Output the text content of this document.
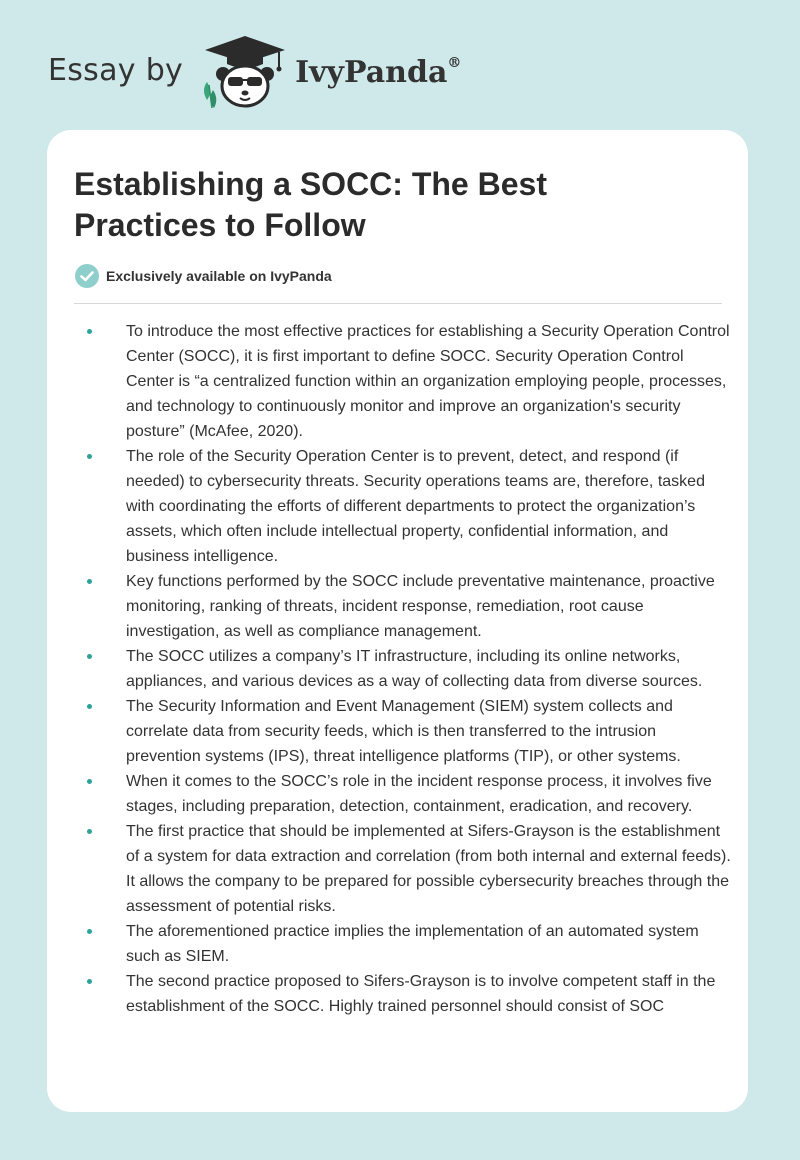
Essay by	IvyPanda®
Establishing a SOCC: The Best Practices to Follow
Exclusively available on IvyPanda
To introduce the most effective practices for establishing a Security Operation Control Center (SOCC), it is first important to define SOCC. Security Operation Control Center is “a centralized function within an organization employing people, processes, and technology to continuously monitor and improve an organization's security posture” (McAfee, 2020).
The role of the Security Operation Center is to prevent, detect, and respond (if needed) to cybersecurity threats. Security operations teams are, therefore, tasked with coordinating the efforts of different departments to protect the organization’s assets, which often include intellectual property, confidential information, and business intelligence.
Key functions performed by the SOCC include preventative maintenance, proactive monitoring, ranking of threats, incident response, remediation, root cause investigation, as well as compliance management.
The SOCC utilizes a company’s IT infrastructure, including its online networks, appliances, and various devices as a way of collecting data from diverse sources.
The Security Information and Event Management (SIEM) system collects and correlate data from security feeds, which is then transferred to the intrusion prevention systems (IPS), threat intelligence platforms (TIP), or other systems.
When it comes to the SOCC’s role in the incident response process, it involves five stages, including preparation, detection, containment, eradication, and recovery.
The first practice that should be implemented at Sifers-Grayson is the establishment of a system for data extraction and correlation (from both internal and external feeds). It allows the company to be prepared for possible cybersecurity breaches through the assessment of potential risks.
The aforementioned practice implies the implementation of an automated system such as SIEM.
The second practice proposed to Sifers-Grayson is to involve competent staff in the establishment of the SOCC. Highly trained personnel should consist of SOC
